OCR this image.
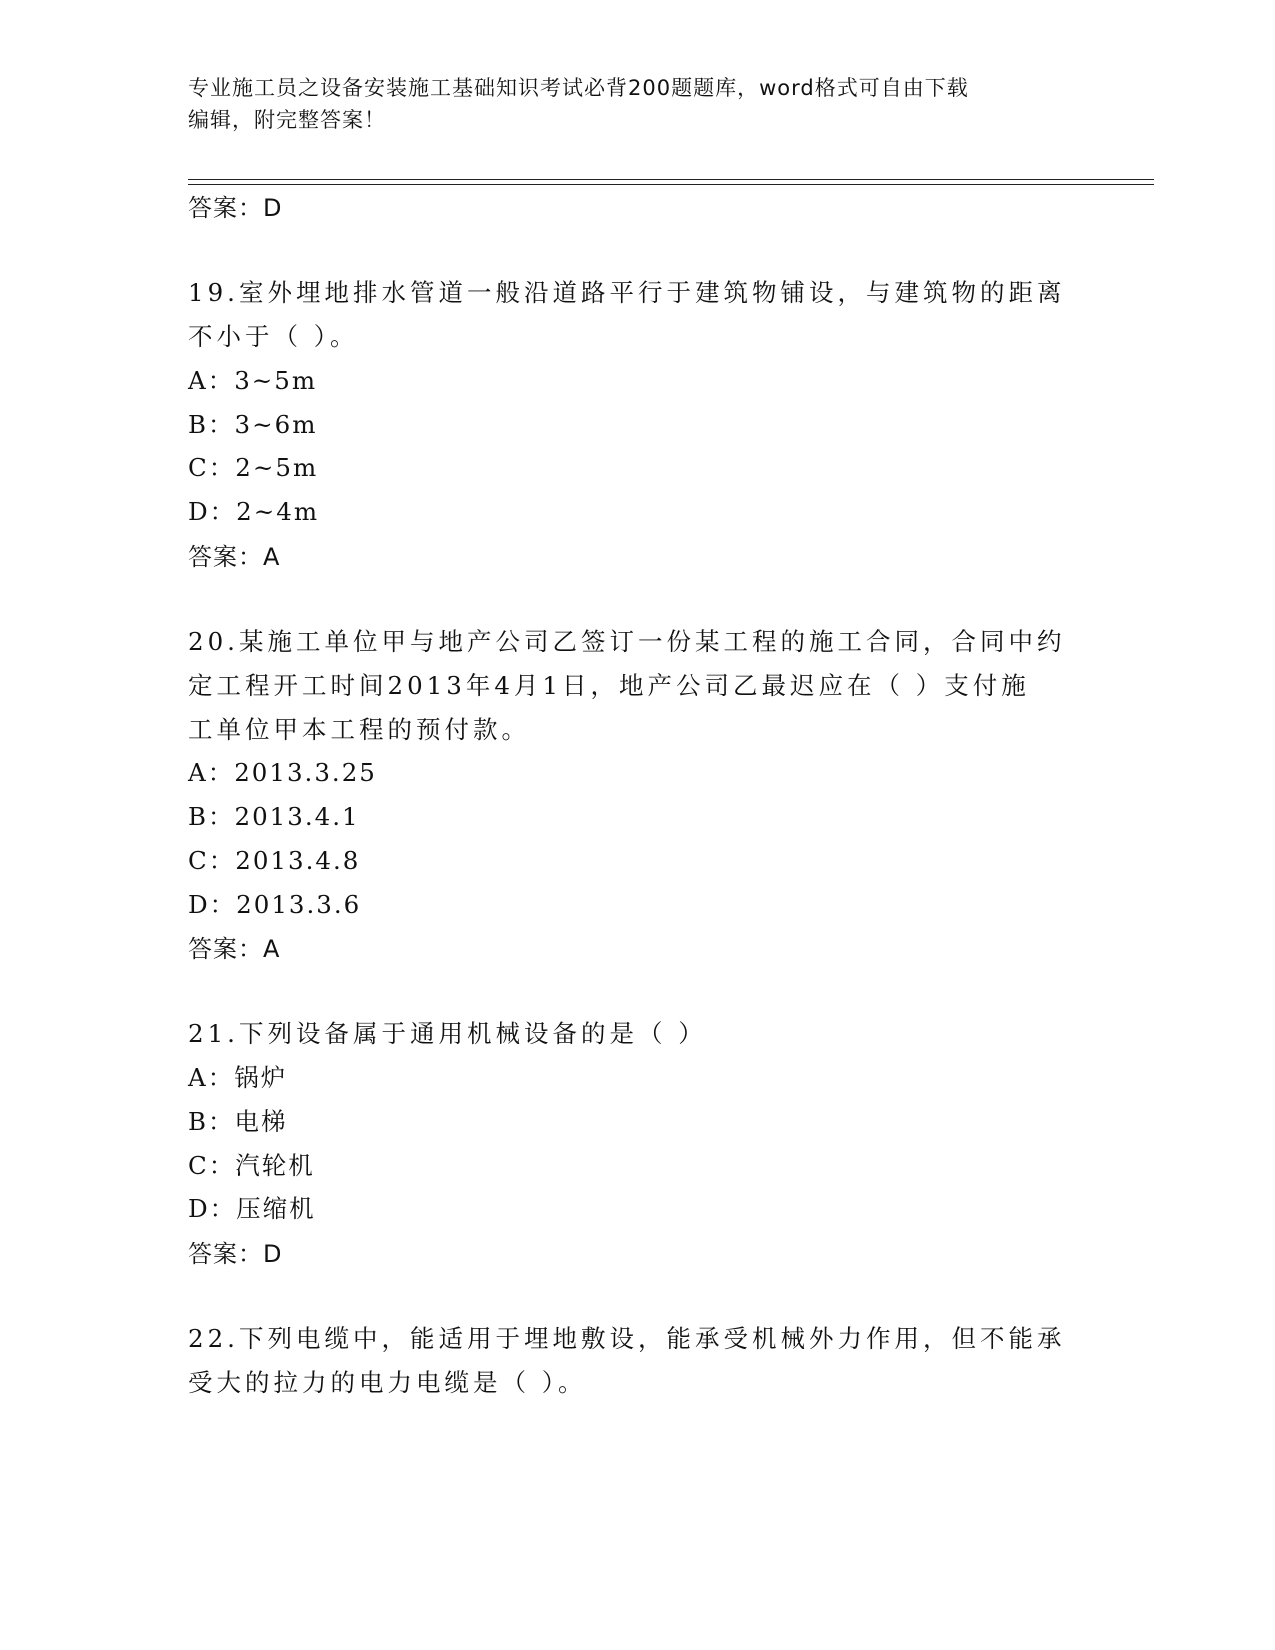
专业施工员之设备安装施工基础知识考试必背200题题库，word格式可自由下载
编辑，附完整答案！
答案：D
19.室外埋地排水管道一般沿道路平行于建筑物铺设，与建筑物的距离
不小于（ ）。
A：3~5m
B：3~6m
C：2~5m
D：2~4m
答案：A
20.某施工单位甲与地产公司乙签订一份某工程的施工合同，合同中约
定工程开工时间2013年4月1日，地产公司乙最迟应在（ ）支付施
工单位甲本工程的预付款。
A：2013.3.25
B：2013.4.1
C：2013.4.8
D：2013.3.6
答案：A
21.下列设备属于通用机械设备的是（ ）
A：锅炉
B：电梯
C：汽轮机
D：压缩机
答案：D
22.下列电缆中，能适用于埋地敷设，能承受机械外力作用，但不能承
受大的拉力的电力电缆是（ ）。
